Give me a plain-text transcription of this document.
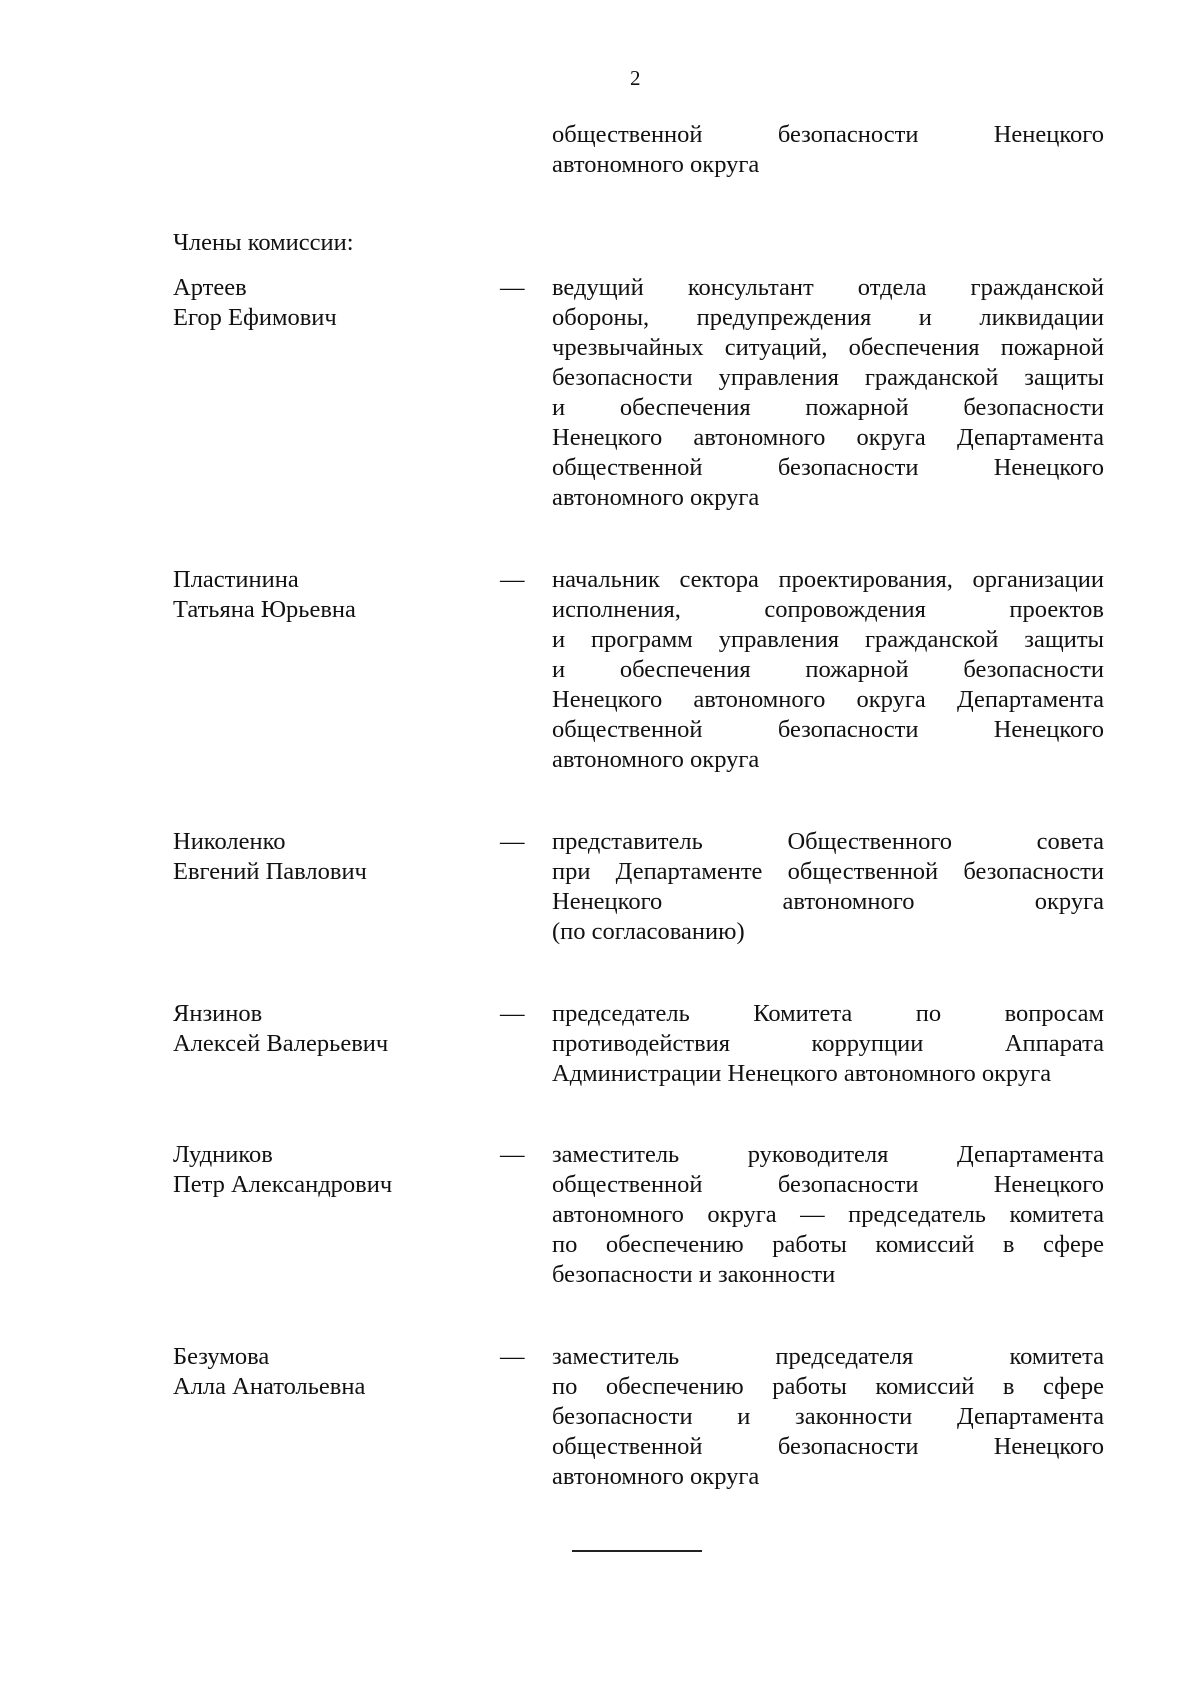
2
общественной безопасности Ненецкого
автономного округа
Члены комиссии:
Артеев
Егор Ефимович
— ведущий консультант отдела гражданской
обороны, предупреждения и ликвидации
чрезвычайных ситуаций, обеспечения пожарной
безопасности управления гражданской защиты
и обеспечения пожарной безопасности
Ненецкого автономного округа Департамента
общественной безопасности Ненецкого
автономного округа
Пластинина
Татьяна Юрьевна
— начальник сектора проектирования, организации
исполнения, сопровождения проектов
и программ управления гражданской защиты
и обеспечения пожарной безопасности
Ненецкого автономного округа Департамента
общественной безопасности Ненецкого
автономного округа
Николенко
Евгений Павлович
— представитель Общественного совета
при Департаменте общественной безопасности
Ненецкого автономного округа
(по согласованию)
Янзинов
Алексей Валерьевич
— председатель Комитета по вопросам
противодействия коррупции Аппарата
Администрации Ненецкого автономного округа
Лудников
Петр Александрович
— заместитель руководителя Департамента
общественной безопасности Ненецкого
автономного округа — председатель комитета
по обеспечению работы комиссий в сфере
безопасности и законности
Безумова
Алла Анатольевна
— заместитель председателя комитета
по обеспечению работы комиссий в сфере
безопасности и законности Департамента
общественной безопасности Ненецкого
автономного округа
